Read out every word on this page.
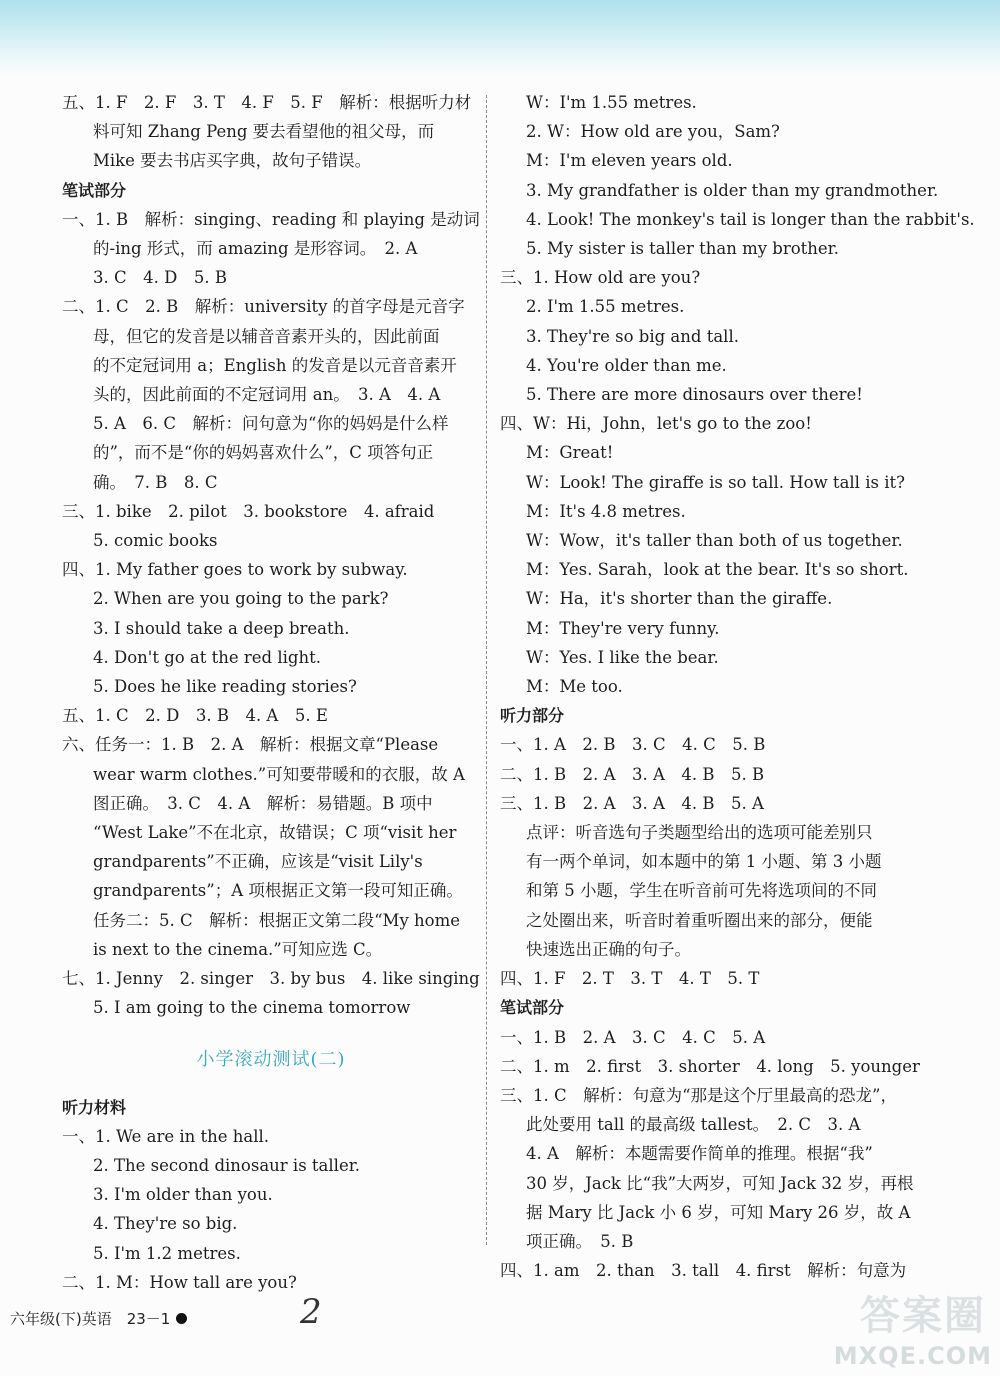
五、1. F　2. F　3. T　4. F　5. F　解析：根据听力材
料可知 Zhang Peng 要去看望他的祖父母，而
Mike 要去书店买字典，故句子错误。
笔试部分
一、1. B　解析：singing、reading 和 playing 是动词
的-ing 形式，而 amazing 是形容词。　2. A
3. C　4. D　5. B
二、1. C　2. B　解析：university 的首字母是元音字
母，但它的发音是以辅音音素开头的，因此前面
的不定冠词用 a；English 的发音是以元音音素开
头的，因此前面的不定冠词用 an。　3. A　4. A
5. A　6. C　解析：问句意为“你的妈妈是什么样
的”，而不是“你的妈妈喜欢什么”，C 项答句正
确。　7. B　8. C
三、1. bike　2. pilot　3. bookstore　4. afraid
5. comic books
四、1. My father goes to work by subway.
2. When are you going to the park?
3. I should take a deep breath.
4. Don't go at the red light.
5. Does he like reading stories?
五、1. C　2. D　3. B　4. A　5. E
六、任务一：1. B　2. A　解析：根据文章“Please
wear warm clothes.”可知要带暖和的衣服，故 A
图正确。　3. C　4. A　解析：易错题。B 项中
“West Lake”不在北京，故错误；C 项“visit her
grandparents”不正确，应该是“visit Lily's
grandparents”；A 项根据正文第一段可知正确。
任务二：5. C　解析：根据正文第二段“My home
is next to the cinema.”可知应选 C。
七、1. Jenny　2. singer　3. by bus　4. like singing
5. I am going to the cinema tomorrow
小学滚动测试(二)
听力材料
一、1. We are in the hall.
2. The second dinosaur is taller.
3. I'm older than you.
4. They're so big.
5. I'm 1.2 metres.
二、1. M：How tall are you?
W：I'm 1.55 metres.
2. W：How old are you，Sam?
M：I'm eleven years old.
3. My grandfather is older than my grandmother.
4. Look! The monkey's tail is longer than the rabbit's.
5. My sister is taller than my brother.
三、1. How old are you?
2. I'm 1.55 metres.
3. They're so big and tall.
4. You're older than me.
5. There are more dinosaurs over there!
四、W：Hi，John，let's go to the zoo!
M：Great!
W：Look! The giraffe is so tall. How tall is it?
M：It's 4.8 metres.
W：Wow，it's taller than both of us together.
M：Yes. Sarah，look at the bear. It's so short.
W：Ha，it's shorter than the giraffe.
M：They're very funny.
W：Yes. I like the bear.
M：Me too.
听力部分
一、1. A　2. B　3. C　4. C　5. B
二、1. B　2. A　3. A　4. B　5. B
三、1. B　2. A　3. A　4. B　5. A
点评：听音选句子类题型给出的选项可能差别只
有一两个单词，如本题中的第 1 小题、第 3 小题
和第 5 小题，学生在听音前可先将选项间的不同
之处圈出来，听音时着重听圈出来的部分，便能
快速选出正确的句子。
四、1. F　2. T　3. T　4. T　5. T
笔试部分
一、1. B　2. A　3. C　4. C　5. A
二、1. m　2. first　3. shorter　4. long　5. younger
三、1. C　解析：句意为“那是这个厅里最高的恐龙”，
此处要用 tall 的最高级 tallest。　2. C　3. A
4. A　解析：本题需要作简单的推理。根据“我”
30 岁，Jack 比“我”大两岁，可知 Jack 32 岁，再根
据 Mary 比 Jack 小 6 岁，可知 Mary 26 岁，故 A
项正确。　5. B
四、1. am　2. than　3. tall　4. first　解析：句意为
六年级(下)英语　23－1	2	答案圈
MXQE.COM
